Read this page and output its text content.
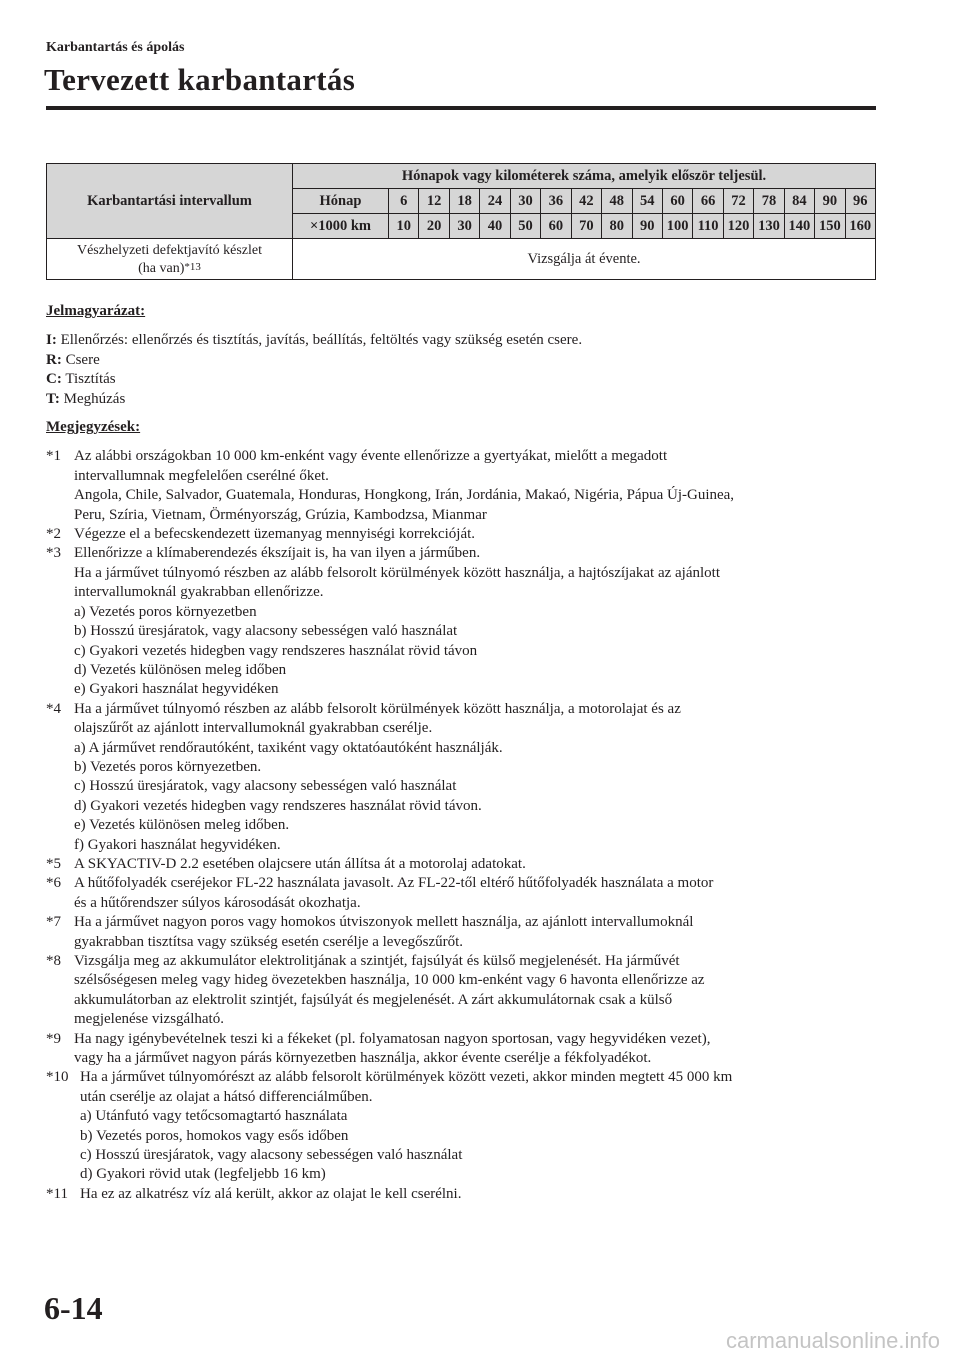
Karbantartás és ápolás
Tervezett karbantartás
Karbantartási intervallum	Hónapok vagy kilométerek száma, amelyik először teljesül.																
	Hónap	6	12	18	24	30	36	42	48	54	60	66	72	78	84	90	96
	×1000 km	10	20	30	40	50	60	70	80	90	100	110	120	130	140	150	160
Vészhelyzeti defektjavító készlet
(ha van)*13	Vizsgálja át évente.																

Jelmagyarázat:

I: Ellenőrzés: ellenőrzés és tisztítás, javítás, beállítás, feltöltés vagy szükség esetén csere.

R: Csere

C: Tisztítás

T: Meghúzás

Megjegyzések:

*1 Az alábbi országokban 10 000 km-enként vagy évente ellenőrizze a gyertyákat, mielőtt a megadott

intervallumnak megfelelően cserélné őket.

Angola, Chile, Salvador, Guatemala, Honduras, Hongkong, Irán, Jordánia, Makaó, Nigéria, Pápua Új-Guinea,

Peru, Szíria, Vietnam, Örményország, Grúzia, Kambodzsa, Mianmar

*2 Végezze el a befecskendezett üzemanyag mennyiségi korrekcióját.

*3 Ellenőrizze a klímaberendezés ékszíjait is, ha van ilyen a járműben.

Ha a járművet túlnyomó részben az alább felsorolt körülmények között használja, a hajtószíjakat az ajánlott

intervallumoknál gyakrabban ellenőrizze.

a) Vezetés poros környezetben

b) Hosszú üresjáratok, vagy alacsony sebességen való használat

c) Gyakori vezetés hidegben vagy rendszeres használat rövid távon

d) Vezetés különösen meleg időben

e) Gyakori használat hegyvidéken

*4 Ha a járművet túlnyomó részben az alább felsorolt körülmények között használja, a motorolajat és az

olajszűrőt az ajánlott intervallumoknál gyakrabban cserélje.

a) A járművet rendőrautóként, taxiként vagy oktatóautóként használják.

b) Vezetés poros környezetben.

c) Hosszú üresjáratok, vagy alacsony sebességen való használat

d) Gyakori vezetés hidegben vagy rendszeres használat rövid távon.

e) Vezetés különösen meleg időben.

f) Gyakori használat hegyvidéken.

*5 A SKYACTIV-D 2.2 esetében olajcsere után állítsa át a motorolaj adatokat.

*6 A hűtőfolyadék cseréjekor FL-22 használata javasolt. Az FL-22-től eltérő hűtőfolyadék használata a motor

és a hűtőrendszer súlyos károsodását okozhatja.

*7 Ha a járművet nagyon poros vagy homokos útviszonyok mellett használja, az ajánlott intervallumoknál

gyakrabban tisztítsa vagy szükség esetén cserélje a levegőszűrőt.

*8 Vizsgálja meg az akkumulátor elektrolitjának a szintjét, fajsúlyát és külső megjelenését. Ha járművét

szélsőségesen meleg vagy hideg övezetekben használja, 10 000 km-enként vagy 6 havonta ellenőrizze az

akkumulátorban az elektrolit szintjét, fajsúlyát és megjelenését. A zárt akkumulátornak csak a külső

megjelenése vizsgálható.

*9 Ha nagy igénybevételnek teszi ki a fékeket (pl. folyamatosan nagyon sportosan, vagy hegyvidéken vezet),

vagy ha a járművet nagyon párás környezetben használja, akkor évente cserélje a fékfolyadékot.

*10 Ha a járművet túlnyomórészt az alább felsorolt körülmények között vezeti, akkor minden megtett 45 000 km

után cserélje az olajat a hátsó differenciálműben.

a) Utánfutó vagy tetőcsomagtartó használata

b) Vezetés poros, homokos vagy esős időben

c) Hosszú üresjáratok, vagy alacsony sebességen való használat

d) Gyakori rövid utak (legfeljebb 16 km)

*11 Ha ez az alkatrész víz alá került, akkor az olajat le kell cserélni.

6-14
carmanualsonline.info
